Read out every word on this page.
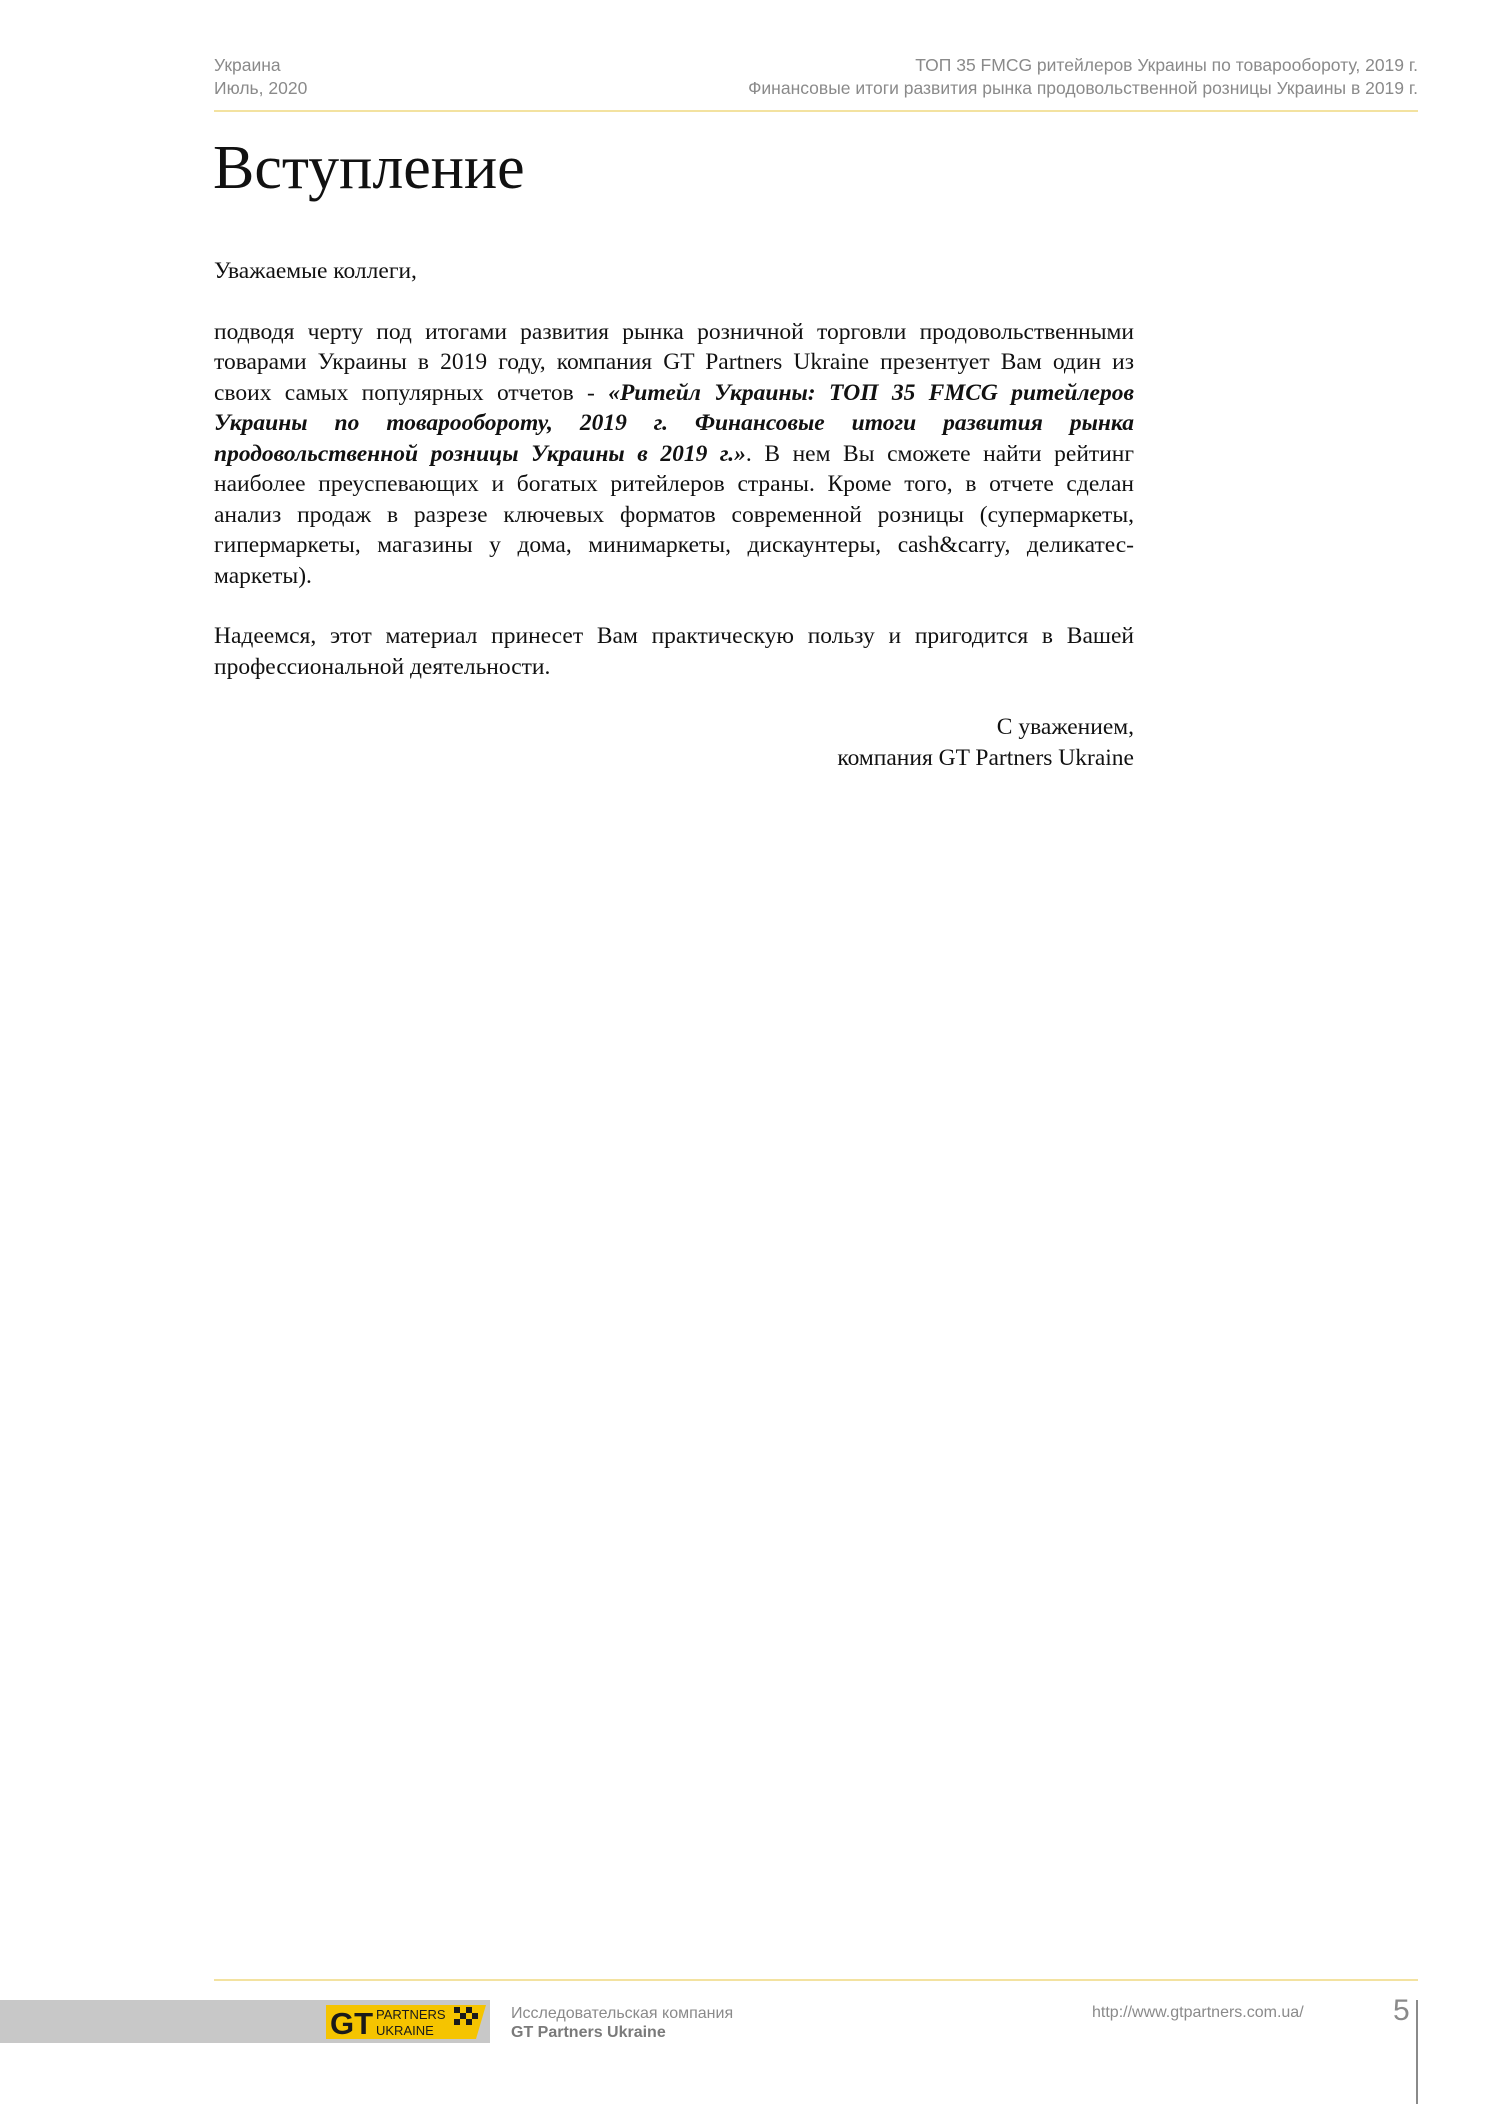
Украина
Июль, 2020
ТОП 35 FMCG ритейлеров Украины по товарообороту, 2019 г.
Финансовые итоги развития рынка продовольственной розницы Украины в 2019 г.
Вступление

Уважаемые коллеги,

подводя черту под итогами развития рынка розничной торговли продовольственными товарами Украины в 2019 году, компания GT Partners Ukraine презентует Вам один из своих самых популярных отчетов - «Ритейл Украины: ТОП 35 FMCG ритейлеров Украины по товарообороту, 2019 г. Финансовые итоги развития рынка продовольственной розницы Украины в 2019 г.». В нем Вы сможете найти рейтинг наиболее преуспевающих и богатых ритейлеров страны. Кроме того, в отчете сделан анализ продаж в разрезе ключевых форматов современной розницы (супермаркеты, гипермаркеты, магазины у дома, минимаркеты, дискаунтеры, cash&carry, деликатес-маркеты).

Надеемся, этот материал принесет Вам практическую пользу и пригодится в Вашей профессиональной деятельности.

С уважением,
компания GT Partners Ukraine

GT PARTNERS
UKRAINE
Исследовательская компания
GT Partners Ukraine
http://www.gtpartners.com.ua/	5
